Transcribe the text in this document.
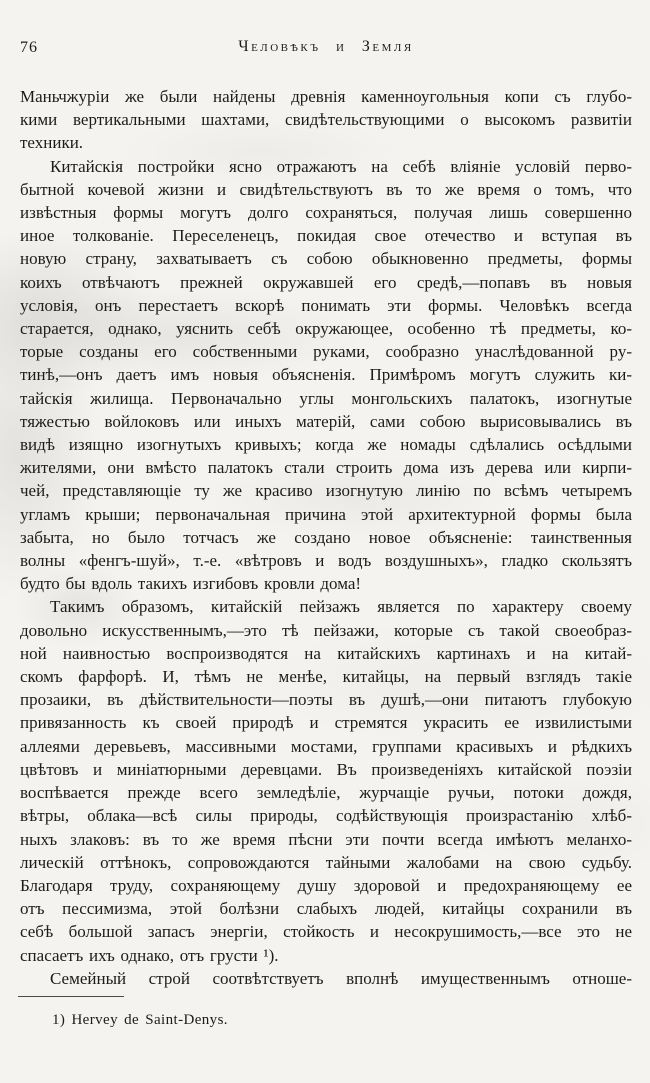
76	Человѣкъ и Земля
Маньчжуріи же были найдены древнія каменноугольныя копи съ глубо-
кими вертикальными шахтами, свидѣтельствующими о высокомъ развитіи
техники.
Китайскія постройки ясно отражаютъ на себѣ вліяніе условій перво-
бытной кочевой жизни и свидѣтельствуютъ въ то же время о томъ, что
извѣстныя формы могутъ долго сохраняться, получая лишь совершенно
иное толкованіе. Переселенецъ, покидая свое отечество и вступая въ
новую страну, захватываетъ съ собою обыкновенно предметы, формы
коихъ отвѣчаютъ прежней окружавшей его средѣ,—попавъ въ новыя
условія, онъ перестаетъ вскорѣ понимать эти формы. Человѣкъ всегда
старается, однако, уяснить себѣ окружающее, особенно тѣ предметы, ко-
торые созданы его собственными руками, сообразно унаслѣдованной ру-
тинѣ,—онъ даетъ имъ новыя объясненія. Примѣромъ могутъ служить ки-
тайскія жилища. Первоначально углы монгольскихъ палатокъ, изогнутые
тяжестью войлоковъ или иныхъ матерій, сами собою вырисовывались въ
видѣ изящно изогнутыхъ кривыхъ; когда же номады сдѣлались осѣдлыми
жителями, они вмѣсто палатокъ стали строить дома изъ дерева или кирпи-
чей, представляющіе ту же красиво изогнутую линію по всѣмъ четыремъ
угламъ крыши; первоначальная причина этой архитектурной формы была
забыта, но было тотчасъ же создано новое объясненіе: таинственныя
волны «фенгъ-шуй», т.-е. «вѣтровъ и водъ воздушныхъ», гладко скользятъ
будто бы вдоль такихъ изгибовъ кровли дома!
Такимъ образомъ, китайскій пейзажъ является по характеру своему
довольно искусственнымъ,—это тѣ пейзажи, которые съ такой своеобраз-
ной наивностью воспроизводятся на китайскихъ картинахъ и на китай-
скомъ фарфорѣ. И, тѣмъ не менѣе, китайцы, на первый взглядъ такіе
прозаики, въ дѣйствительности—поэты въ душѣ,—они питаютъ глубокую
привязанность къ своей природѣ и стремятся украсить ее извилистыми
аллеями деревьевъ, массивными мостами, группами красивыхъ и рѣдкихъ
цвѣтовъ и миніатюрными деревцами. Въ произведеніяхъ китайской поэзіи
воспѣвается прежде всего земледѣліе, журчащіе ручьи, потоки дождя,
вѣтры, облака—всѣ силы природы, содѣйствующія произрастанію хлѣб-
ныхъ злаковъ: въ то же время пѣсни эти почти всегда имѣютъ меланхо-
лическій оттѣнокъ, сопровождаются тайными жалобами на свою судьбу.
Благодаря труду, сохраняющему душу здоровой и предохраняющему ее
отъ пессимизма, этой болѣзни слабыхъ людей, китайцы сохранили въ
себѣ большой запасъ энергіи, стойкость и несокрушимость,—все это не
спасаетъ ихъ однако, отъ грусти ¹).
Семейный строй соотвѣтствуетъ вполнѣ имущественнымъ отноше-
1) Hervey de Saint-Denys.
